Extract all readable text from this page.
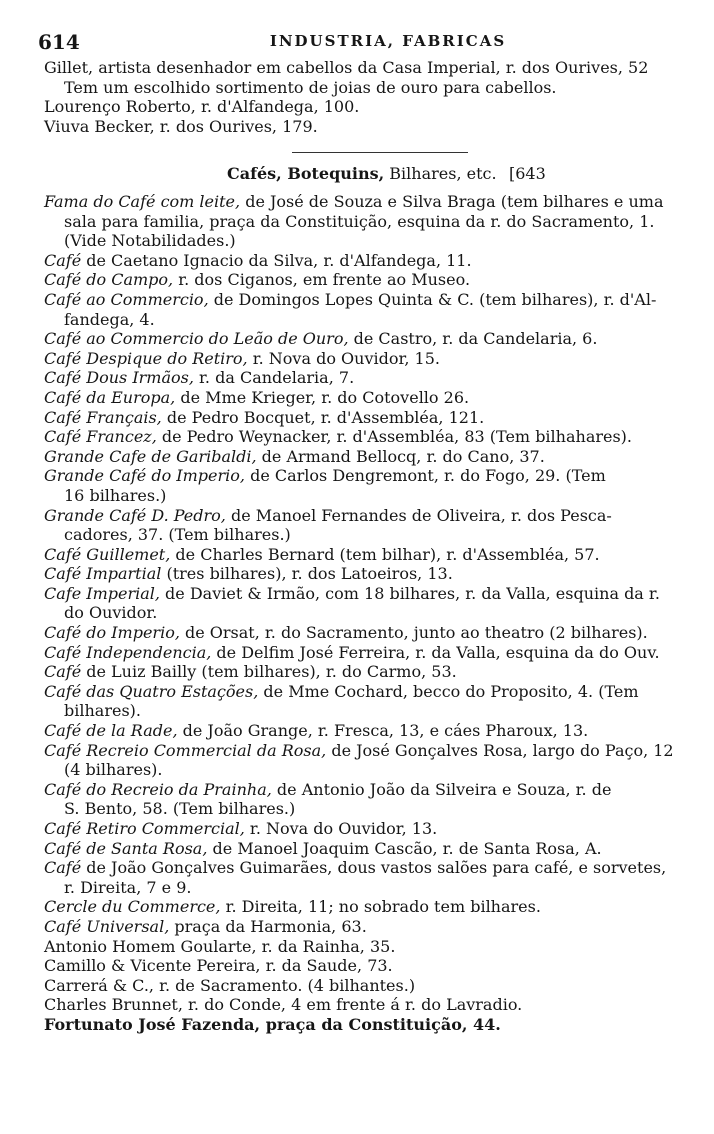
614	INDUSTRIA, FABRICAS

Gillet, artista desenhador em cabellos da Casa Imperial, r. dos Ourives, 52
Tem um escolhido sortimento de joias de ouro para cabellos.

Lourenço Roberto, r. d'Alfandega, 100.

Viuva Becker, r. dos Ourives, 179.

Cafés, Botequins, Bilhares, etc. [643

Fama do Café com leite, de José de Souza e Silva Braga (tem bilhares e uma
sala para familia, praça da Constituição, esquina da r. do Sacramento, 1.
(Vide Notabilidades.)

Café de Caetano Ignacio da Silva, r. d'Alfandega, 11.

Café do Campo, r. dos Ciganos, em frente ao Museo.

Café ao Commercio, de Domingos Lopes Quinta & C. (tem bilhares), r. d'Al-
fandega, 4.

Café ao Commercio do Leão de Ouro, de Castro, r. da Candelaria, 6.

Café Despique do Retiro, r. Nova do Ouvidor, 15.

Café Dous Irmãos, r. da Candelaria, 7.

Café da Europa, de Mme Krieger, r. do Cotovello 26.

Café Français, de Pedro Bocquet, r. d'Assembléa, 121.

Café Francez, de Pedro Weynacker, r. d'Assembléa, 83 (Tem bilhahares).

Grande Cafe de Garibaldi, de Armand Bellocq, r. do Cano, 37.

Grande Café do Imperio, de Carlos Dengremont, r. do Fogo, 29. (Tem
16 bilhares.)

Grande Café D. Pedro, de Manoel Fernandes de Oliveira, r. dos Pesca-
cadores, 37. (Tem bilhares.)

Café Guillemet, de Charles Bernard (tem bilhar), r. d'Assembléa, 57.

Café Impartial (tres bilhares), r. dos Latoeiros, 13.

Cafe Imperial, de Daviet & Irmão, com 18 bilhares, r. da Valla, esquina da r.
do Ouvidor.

Café do Imperio, de Orsat, r. do Sacramento, junto ao theatro (2 bilhares).

Café Independencia, de Delfim José Ferreira, r. da Valla, esquina da do Ouv.

Café de Luiz Bailly (tem bilhares), r. do Carmo, 53.

Café das Quatro Estações, de Mme Cochard, becco do Proposito, 4. (Tem
bilhares).

Café de la Rade, de João Grange, r. Fresca, 13, e cáes Pharoux, 13.

Café Recreio Commercial da Rosa, de José Gonçalves Rosa, largo do Paço, 12
(4 bilhares).

Café do Recreio da Prainha, de Antonio João da Silveira e Souza, r. de
S. Bento, 58. (Tem bilhares.)

Café Retiro Commercial, r. Nova do Ouvidor, 13.

Café de Santa Rosa, de Manoel Joaquim Cascão, r. de Santa Rosa, A.

Café de João Gonçalves Guimarães, dous vastos salões para café, e sorvetes,
r. Direita, 7 e 9.

Cercle du Commerce, r. Direita, 11; no sobrado tem bilhares.

Café Universal, praça da Harmonia, 63.

Antonio Homem Goularte, r. da Rainha, 35.

Camillo & Vicente Pereira, r. da Saude, 73.

Carrerá & C., r. de Sacramento. (4 bilhantes.)

Charles Brunnet, r. do Conde, 4 em frente á r. do Lavradio.

Fortunato José Fazenda, praça da Constituição, 44.
